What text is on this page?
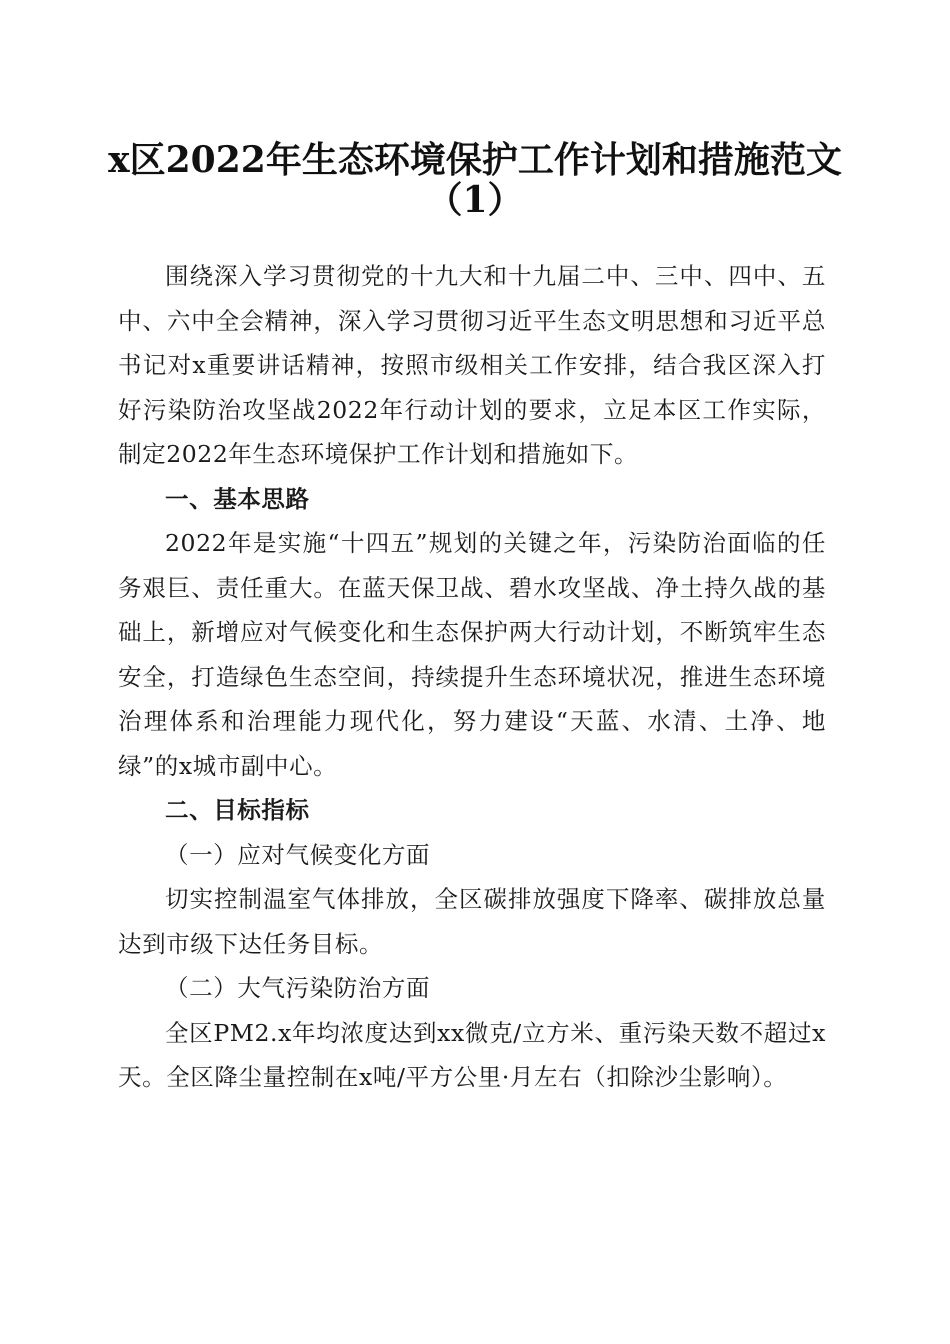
x区2022年生态环境保护工作计划和措施范文
（1）

围绕深入学习贯彻党的十九大和十九届二中、三中、四中、五中、六中全会精神，深入学习贯彻习近平生态文明思想和习近平总书记对x重要讲话精神，按照市级相关工作安排，结合我区深入打好污染防治攻坚战2022年行动计划的要求，立足本区工作实际，制定2022年生态环境保护工作计划和措施如下。

一、基本思路

2022年是实施“十四五”规划的关键之年，污染防治面临的任务艰巨、责任重大。在蓝天保卫战、碧水攻坚战、净土持久战的基础上，新增应对气候变化和生态保护两大行动计划，不断筑牢生态安全，打造绿色生态空间，持续提升生态环境状况，推进生态环境治理体系和治理能力现代化，努力建设“天蓝、水清、土净、地绿”的x城市副中心。

二、目标指标

（一）应对气候变化方面

切实控制温室气体排放，全区碳排放强度下降率、碳排放总量达到市级下达任务目标。

（二）大气污染防治方面

全区PM2.x年均浓度达到xx微克/立方米、重污染天数不超过x天。全区降尘量控制在x吨/平方公里·月左右（扣除沙尘影响）。
